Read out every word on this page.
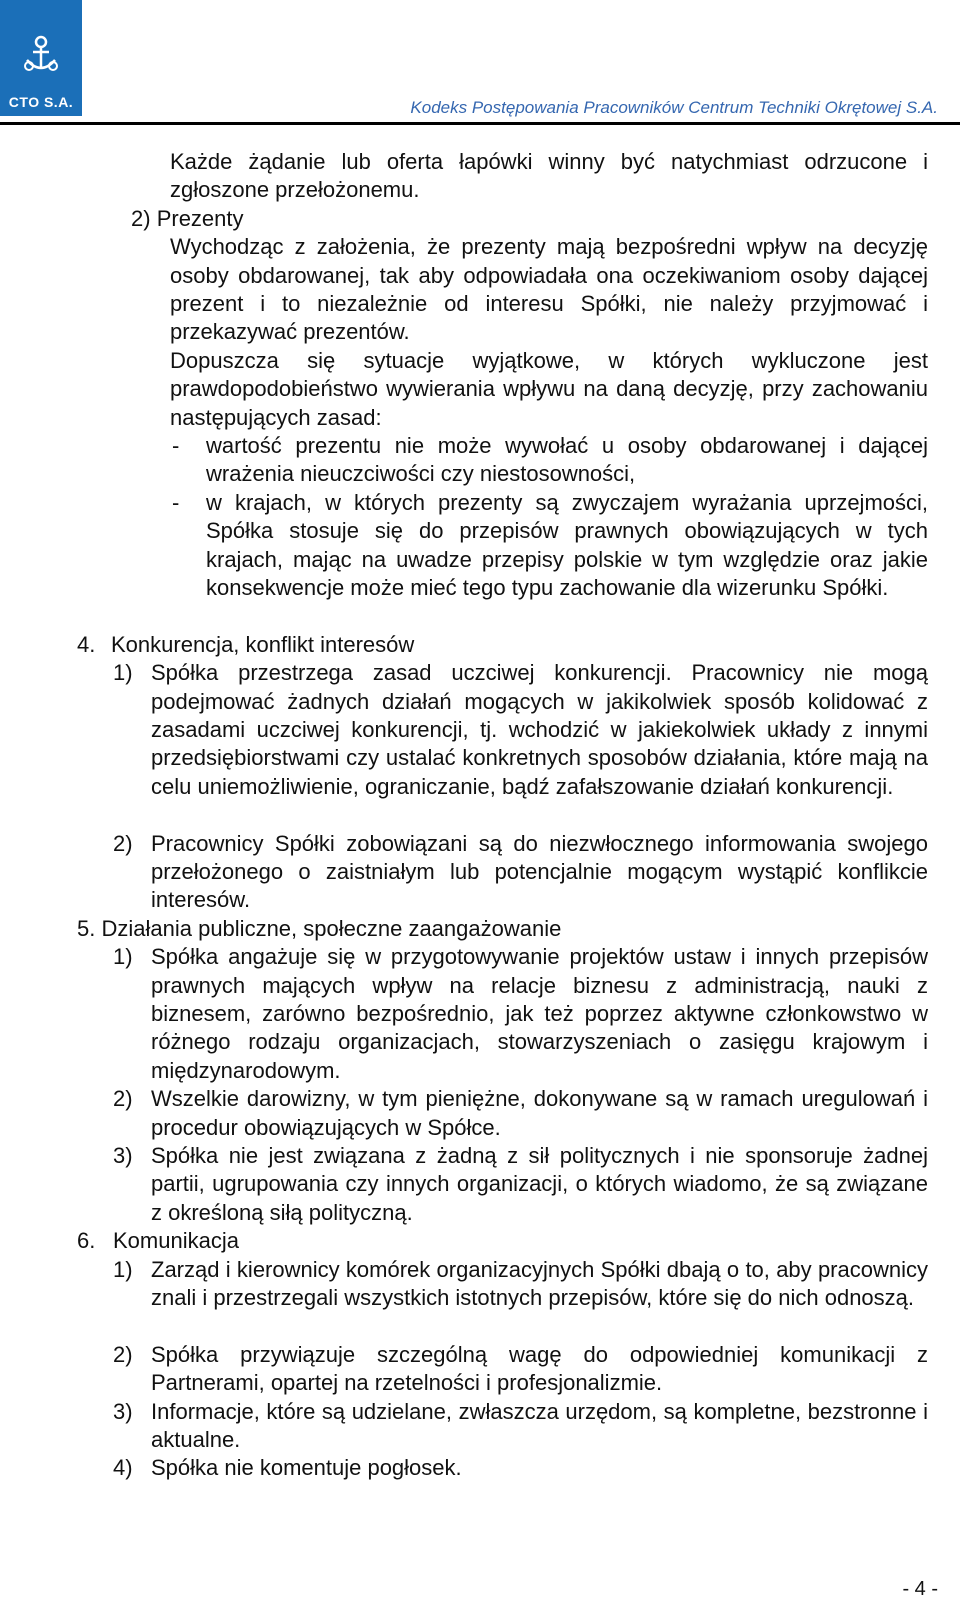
CTO S.A.	Kodeks Postępowania Pracowników Centrum Techniki Okrętowej S.A.
Każde żądanie lub oferta łapówki winny być natychmiast odrzucone i zgłoszone przełożonemu.
2) Prezenty
Wychodząc z założenia, że prezenty mają bezpośredni wpływ na decyzję osoby obdarowanej, tak aby odpowiadała ona oczekiwaniom osoby dającej prezent i to niezależnie od interesu Spółki, nie należy przyjmować i przekazywać prezentów.
Dopuszcza się sytuacje wyjątkowe, w których wykluczone jest prawdopodobieństwo wywierania wpływu na daną decyzję, przy zachowaniu następujących zasad:
- wartość prezentu nie może wywołać u osoby obdarowanej i dającej wrażenia nieuczciwości czy niestosowności,
- w krajach, w których prezenty są zwyczajem wyrażania uprzejmości, Spółka stosuje się do przepisów prawnych obowiązujących w tych krajach, mając na uwadze przepisy polskie w tym względzie oraz jakie konsekwencje może mieć tego typu zachowanie dla wizerunku Spółki.
4. Konkurencja, konflikt interesów
1) Spółka przestrzega zasad uczciwej konkurencji. Pracownicy nie mogą podejmować żadnych działań mogących w jakikolwiek sposób kolidować z zasadami uczciwej konkurencji, tj. wchodzić w jakiekolwiek układy z innymi przedsiębiorstwami czy ustalać konkretnych sposobów działania, które mają na celu uniemożliwienie, ograniczanie, bądź zafałszowanie działań konkurencji.
2) Pracownicy Spółki zobowiązani są do niezwłocznego informowania swojego przełożonego o zaistniałym lub potencjalnie mogącym wystąpić konflikcie interesów.
5. Działania publiczne, społeczne zaangażowanie
1) Spółka angażuje się w przygotowywanie projektów ustaw i innych przepisów prawnych mających wpływ na relacje biznesu z administracją, nauki z biznesem, zarówno bezpośrednio, jak też poprzez aktywne członkowstwo w różnego rodzaju organizacjach, stowarzyszeniach o zasięgu krajowym i międzynarodowym.
2) Wszelkie darowizny, w tym pieniężne, dokonywane są w ramach uregulowań i procedur obowiązujących w Spółce.
3) Spółka nie jest związana z żadną z sił politycznych i nie sponsoruje żadnej partii, ugrupowania czy innych organizacji, o których wiadomo, że są związane z określoną siłą polityczną.
6. Komunikacja
1) Zarząd i kierownicy komórek organizacyjnych Spółki dbają o to, aby pracownicy znali i przestrzegali wszystkich istotnych przepisów, które się do nich odnoszą.
2) Spółka przywiązuje szczególną wagę do odpowiedniej komunikacji z Partnerami, opartej na rzetelności i profesjonalizmie.
3) Informacje, które są udzielane, zwłaszcza urzędom, są kompletne, bezstronne i aktualne.
4) Spółka nie komentuje pogłosek.
- 4 -
